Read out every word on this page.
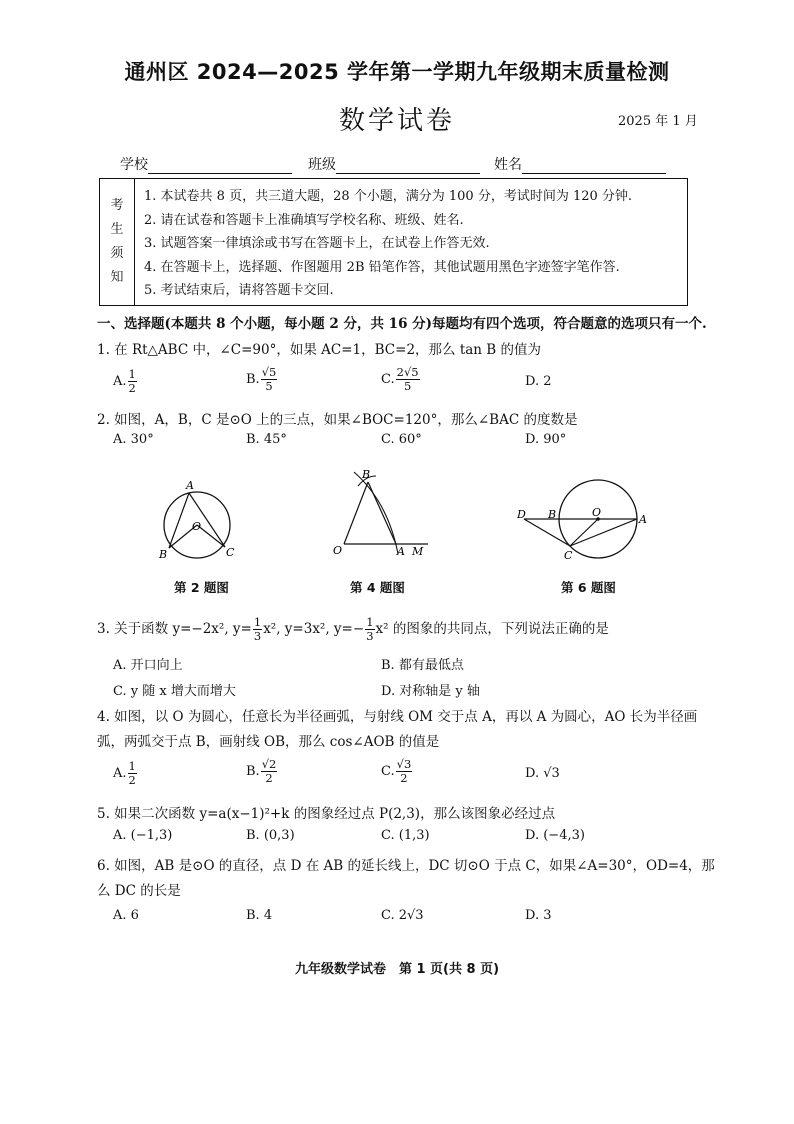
通州区 2024—2025 学年第一学期九年级期末质量检测
数学试卷	2025 年 1 月
学校	班级	姓名
考
生
须
知
1. 本试卷共 8 页，共三道大题，28 个小题，满分为 100 分，考试时间为 120 分钟.
2. 请在试卷和答题卡上准确填写学校名称、班级、姓名.
3. 试题答案一律填涂或书写在答题卡上，在试卷上作答无效.
4. 在答题卡上，选择题、作图题用 2B 铅笔作答，其他试题用黑色字迹签字笔作答.
5. 考试结束后，请将答题卡交回.
一、选择题(本题共 8 个小题，每小题 2 分，共 16 分)每题均有四个选项，符合题意的选项只有一个.
1. 在 Rt△ABC 中，∠C=90°，如果 AC=1，BC=2，那么 tan B 的值为
A. $\frac{1}{2}$	B. $\frac{√5}{5}$	C. $\frac{2√5}{5}$	D. 2
2. 如图，A，B，C 是⊙O 上的三点，如果∠BOC=120°，那么∠BAC 的度数是
A. 30°	B. 45°	C. 60°	D. 90°
A
O
B	C
第 2 题图
B
O	A M
第 4 题图
D B	O
A
C
第 6 题图
3. 关于函数 y=−2x², $y= \frac{1}{3} x^2$, y=3x², $y=- \frac{1}{3} x^2$ 的图象的共同点，下列说法正确的是
A. 开口向上	B. 都有最低点
C. y 随 x 增大而增大	D. 对称轴是 y 轴
4. 如图，以 O 为圆心，任意长为半径画弧，与射线 OM 交于点 A，再以 A 为圆心，AO 长为半径画
弧，两弧交于点 B，画射线 OB，那么 cos∠AOB 的值是
A. $\frac{1}{2}$	B. $\frac{√2}{2}$	C. $\frac{√3}{2}$	D. √3
5. 如果二次函数 y=a(x−1)²+k 的图象经过点 P(2,3)，那么该图象必经过点
A. (−1,3)	B. (0,3)	C. (1,3)	D. (−4,3)
6. 如图，AB 是⊙O 的直径，点 D 在 AB 的延长线上，DC 切⊙O 于点 C，如果∠A=30°，OD=4，那
么 DC 的长是
A. 6	B. 4	C. 2√3	D. 3
九年级数学试卷　第 1 页(共 8 页)
